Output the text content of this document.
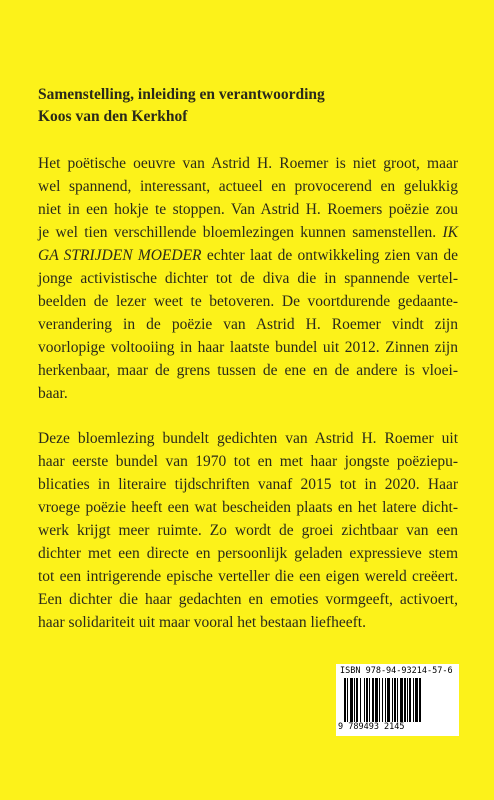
Samenstelling, inleiding en verantwoording
Koos van den Kerkhof
Het poëtische oeuvre van Astrid H. Roemer is niet groot, maar
wel spannend, interessant, actueel en provocerend en gelukkig
niet in een hokje te stoppen. Van Astrid H. Roemers poëzie zou
je wel tien verschillende bloemlezingen kunnen samenstellen. IK
GA STRIJDEN MOEDER echter laat de ontwikkeling zien van de
jonge activistische dichter tot de diva die in spannende vertel-
beelden de lezer weet te betoveren. De voortdurende gedaante-
verandering in de poëzie van Astrid H. Roemer vindt zijn
voorlopige voltooiing in haar laatste bundel uit 2012. Zinnen zijn
herkenbaar, maar de grens tussen de ene en de andere is vloei-
baar.
Deze bloemlezing bundelt gedichten van Astrid H. Roemer uit
haar eerste bundel van 1970 tot en met haar jongste poëziepu-
blicaties in literaire tijdschriften vanaf 2015 tot in 2020. Haar
vroege poëzie heeft een wat bescheiden plaats en het latere dicht-
werk krijgt meer ruimte. Zo wordt de groei zichtbaar van een
dichter met een directe en persoonlijk geladen expressieve stem
tot een intrigerende epische verteller die een eigen wereld creëert.
Een dichter die haar gedachten en emoties vormgeeft, activoert,
haar solidariteit uit maar vooral het bestaan liefheeft.
ISBN 978-94-93214-57-6
9 789493 2145
